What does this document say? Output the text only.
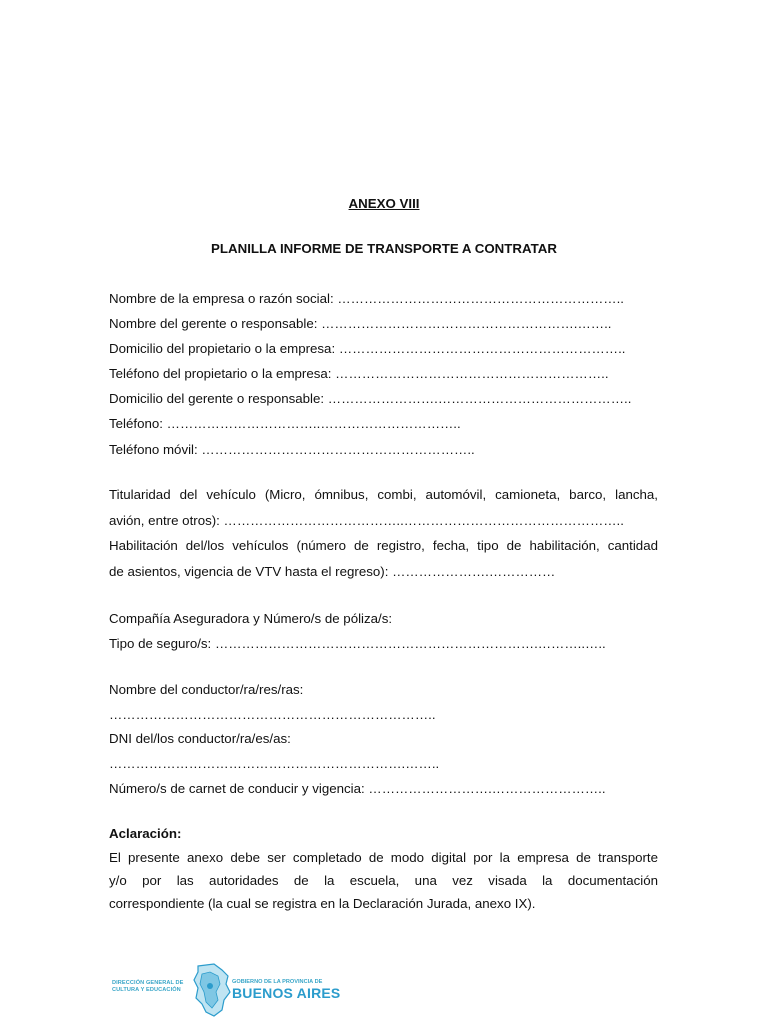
ANEXO VIII
PLANILLA INFORME DE TRANSPORTE A CONTRATAR
Nombre de la empresa o razón social: ………………………………………………………..
Nombre del gerente o responsable: ………………………………………………….……..
Domicilio del propietario o la empresa: ………………………………………………………..
Teléfono del propietario o la empresa: ……………………………………………………..
Domicilio del gerente o responsable: …………………….……………………………………..
Teléfono: ……………………………..…………………………..
Teléfono móvil: ……………………………………………………..
Titularidad del vehículo (Micro, ómnibus, combi, automóvil, camioneta, barco, lancha,
avión, entre otros): …………………………………..…………………………………………..
Habilitación del/los vehículos (número de registro, fecha, tipo de habilitación, cantidad
de asientos, vigencia de VTV hasta el regreso): ………………….……………
Compañía Aseguradora y Número/s de póliza/s:
Tipo de seguro/s: ……………………………………………………………….………..…..
Nombre del conductor/ra/res/ras:
………………………………………………………………..
DNI del/los conductor/ra/es/as:
………………………………………………………….……..
Número/s de carnet de conducir y vigencia: ……………………….……………………..
Aclaración:
El presente anexo debe ser completado de modo digital por la empresa de transporte
y/o por las autoridades de la escuela, una vez visada la documentación
correspondiente (la cual se registra en la Declaración Jurada, anexo IX).
DIRECCIÓN GENERAL DE
CULTURA Y EDUCACIÓN
GOBIERNO DE LA PROVINCIA DE
BUENOS AIRES
